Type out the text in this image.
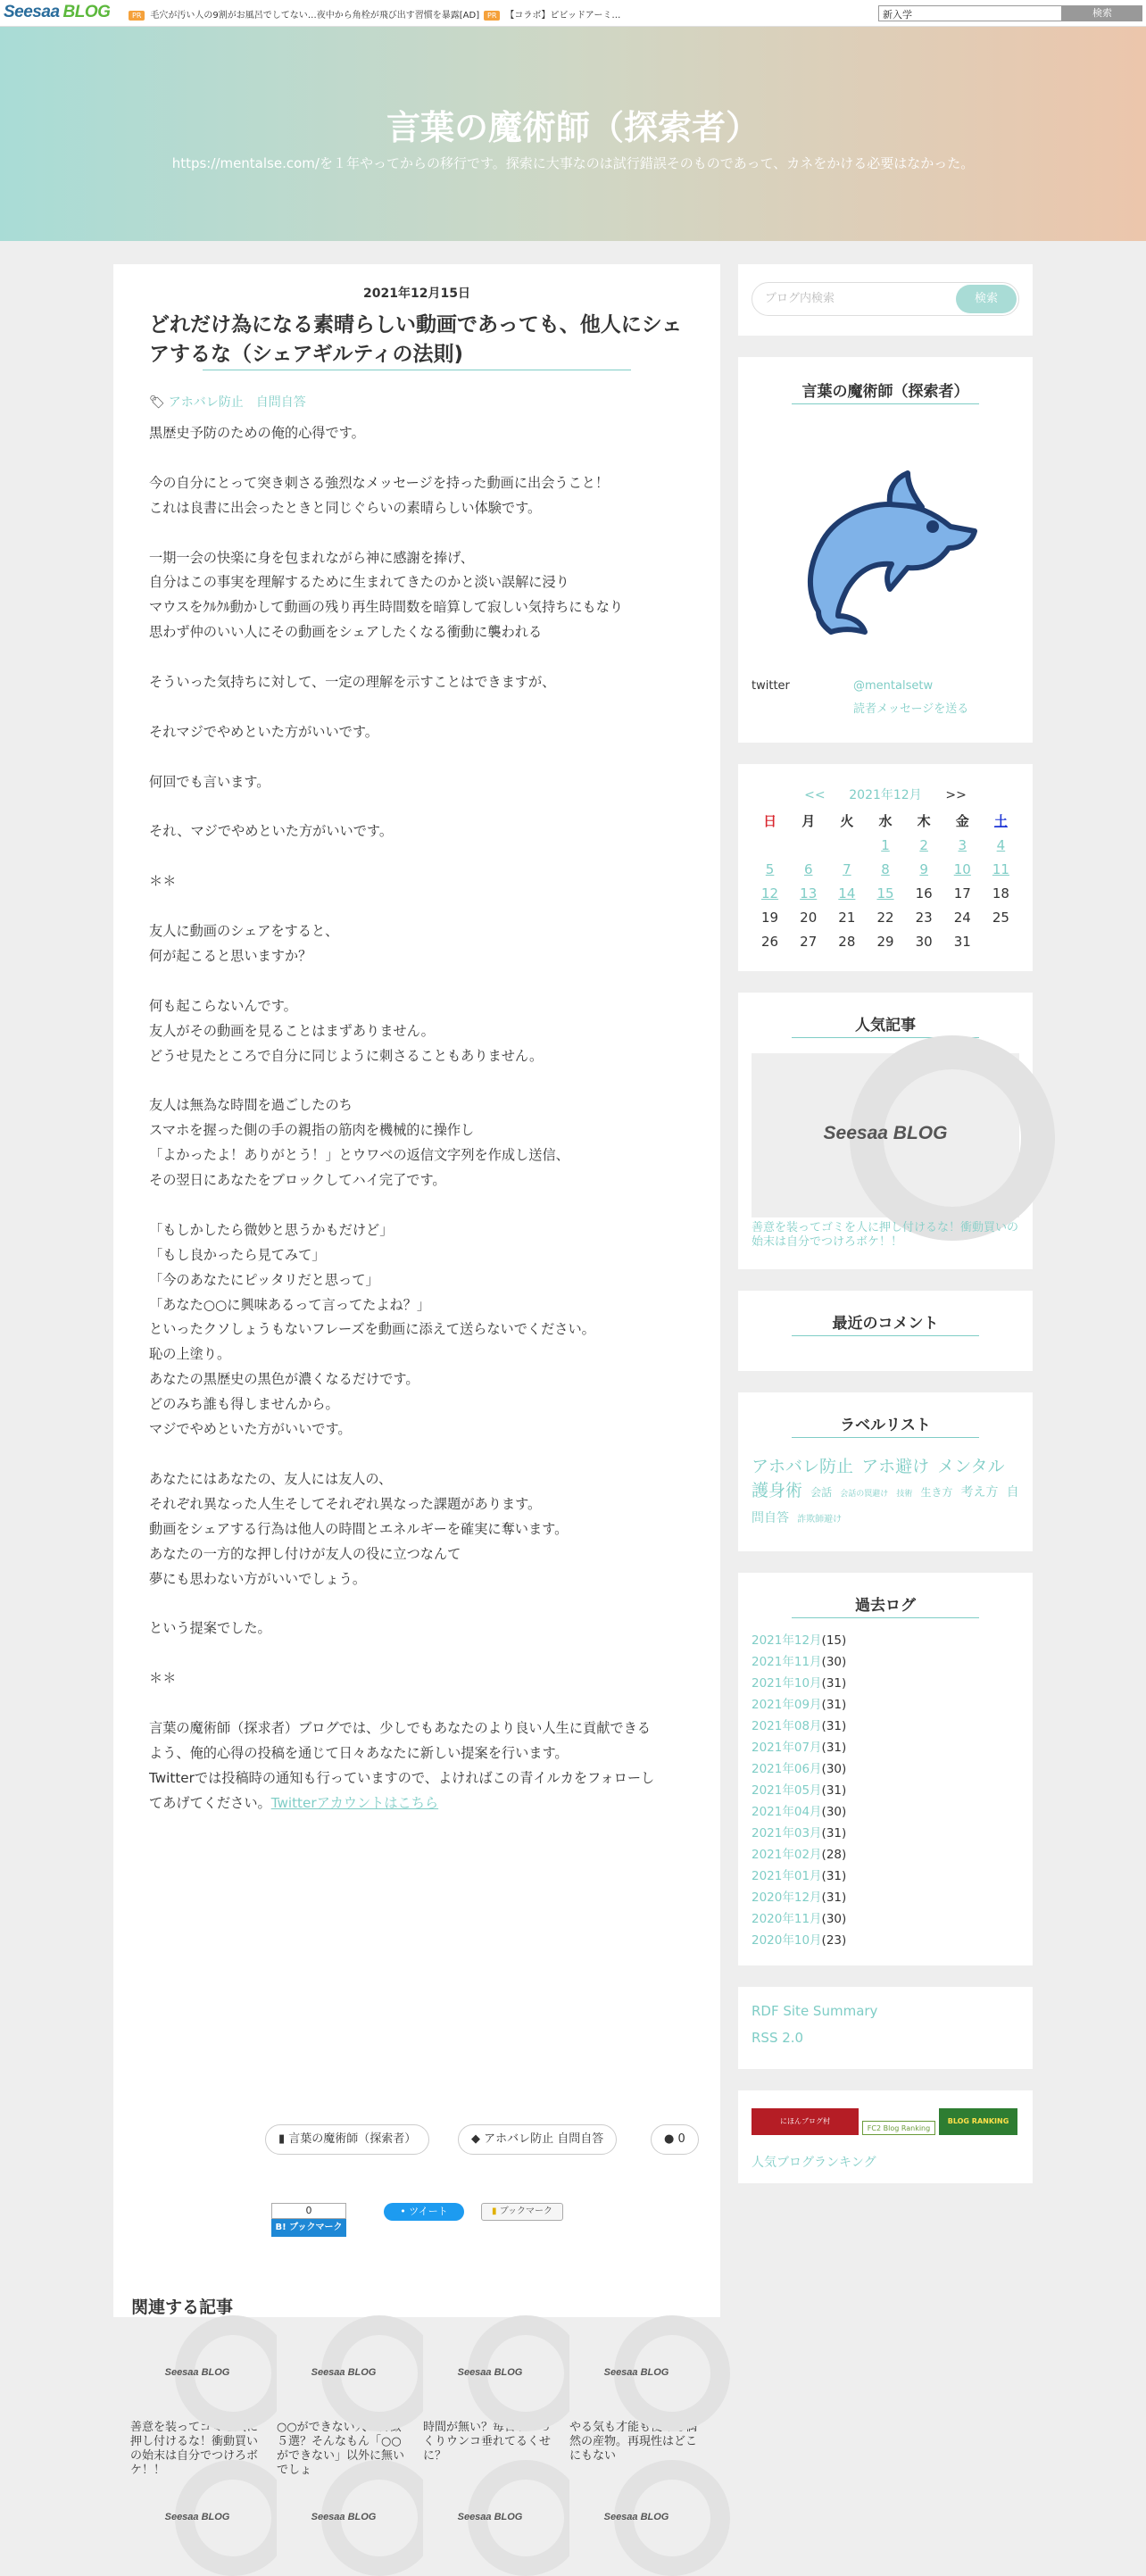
Seesaa BLOG	PR 毛穴が汚い人の9割がお風呂でしてない…夜中から角栓が飛び出す習慣を暴露[AD]	PR 【コラボ】ピビッドアーミ…	新入学	検索
言葉の魔術師（探索者）
https://mentalse.com/を１年やってからの移行です。探索に大事なのは試行錯誤そのものであって、カネをかける必要はなかった。
2021年12月15日
どれだけ為になる素晴らしい動画であっても、他人にシェアするな（シェアギルティの法則)
🏷︎ アホバレ防止　自問自答

黒歴史予防のための俺的心得です。

今の自分にとって突き刺さる強烈なメッセージを持った動画に出会うこと！

これは良書に出会ったときと同じぐらいの素晴らしい体験です。

一期一会の快楽に身を包まれながら神に感謝を捧げ、

自分はこの事実を理解するために生まれてきたのかと淡い誤解に浸り

マウスをｸﾙｸﾙ動かして動画の残り再生時間数を暗算して寂しい気持ちにもなり

思わず仲のいい人にその動画をシェアしたくなる衝動に襲われる

そういった気持ちに対して、一定の理解を示すことはできますが、

それマジでやめといた方がいいです。

何回でも言います。

それ、マジでやめといた方がいいです。

＊＊

友人に動画のシェアをすると、

何が起こると思いますか？

何も起こらないんです。

友人がその動画を見ることはまずありません。

どうせ見たところで自分に同じように刺さることもありません。

友人は無為な時間を過ごしたのち

スマホを握った側の手の親指の筋肉を機械的に操作し

「よかったよ！ありがとう！」とウワベの返信文字列を作成し送信、

その翌日にあなたをブロックしてハイ完了です。

「もしかしたら微妙と思うかもだけど」

「もし良かったら見てみて」

「今のあなたにピッタリだと思って」

「あなた○○に興味あるって言ってたよね？」

といったクソしょうもないフレーズを動画に添えて送らないでください。

恥の上塗り。

あなたの黒歴史の黒色が濃くなるだけです。

どのみち誰も得しませんから。

マジでやめといた方がいいです。

あなたにはあなたの、友人には友人の、

それぞれ異なった人生そしてそれぞれ異なった課題があります。

動画をシェアする行為は他人の時間とエネルギーを確実に奪います。

あなたの一方的な押し付けが友人の役に立つなんて

夢にも思わない方がいいでしょう。

という提案でした。

＊＊

言葉の魔術師（探求者）ブログでは、少しでもあなたのより良い人生に貢献できる

よう、俺的心得の投稿を通じて日々あなたに新しい提案を行います。

Twitterでは投稿時の通知も行っていますので、よければこの青イルカをフォローし

てあげてください。Twitterアカウントはこちら

▮ 言葉の魔術師（探索者）	◆ アホバレ防止 自問自答	● 0
0
B! ブックマーク
• ツイート	▮ ブックマーク
関連する記事
Seesaa BLOG
善意を装ってゴミを人に押し付けるな！衝動買いの始末は自分でつけろボケ！！
Seesaa BLOG
○○ができない人の特徴５選？そんなもん「○○ができない」以外に無いでしょ
Seesaa BLOG
時間が無い？毎日ゆ～っくりウンコ垂れてるくせに？
Seesaa BLOG
やる気も才能も使命も偶然の産物。再現性はどこにもない
Seesaa BLOG	Seesaa BLOG	Seesaa BLOG	Seesaa BLOG
ブログ内検索	検索
言葉の魔術師（探索者）
twitter	@mentalsetw
読者メッセージを送る
<< 2021年12月 >>
日	月	火	水	木	金	土
			1	2	3	4
5	6	7	8	9	10	11
12	13	14	15	16	17	18
19	20	21	22	23	24	25
26	27	28	29	30	31	
人気記事
Seesaa BLOG
善意を装ってゴミを人に押し付けるな！衝動買いの始末は自分でつけろボケ！！
最近のコメント
ラベルリスト
アホバレ防止 アホ避け メンタル 護身術 会話 会話の罠避け 技術 生き方 考え方 自問自答 詐欺師避け
過去ログ
2021年12月(15)
2021年11月(30)
2021年10月(31)
2021年09月(31)
2021年08月(31)
2021年07月(31)
2021年06月(30)
2021年05月(31)
2021年04月(30)
2021年03月(31)
2021年02月(28)
2021年01月(31)
2020年12月(31)
2020年11月(30)
2020年10月(23)
RDF Site Summary
RSS 2.0
にほんブログ村
FC2 Blog Ranking
BLOG RANKING
人気ブログランキング
